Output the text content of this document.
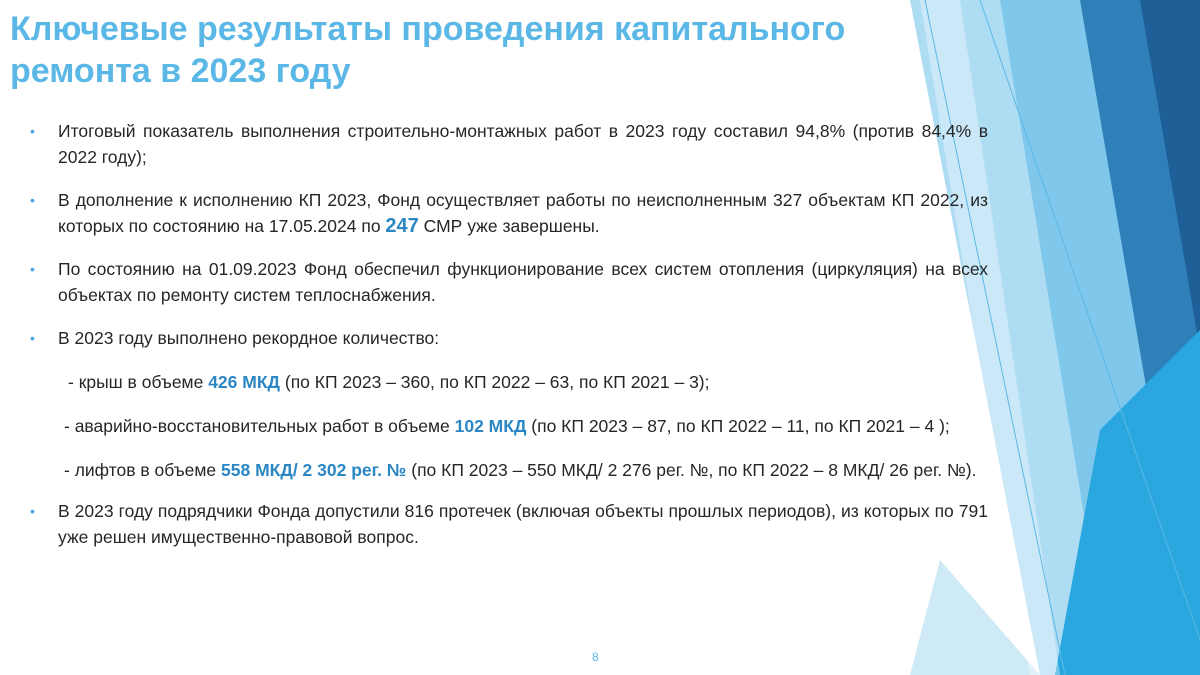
Ключевые результаты проведения капитального
ремонта в 2023 году
•	Итоговый показатель выполнения строительно-монтажных работ в 2023 году составил 94,8% (против 84,4% в 2022 году);
•	В дополнение к исполнению КП 2023, Фонд осуществляет работы по неисполненным 327 объектам КП 2022, из которых по состоянию на 17.05.2024 по 247 СМР уже завершены.
•	По состоянию на 01.09.2023 Фонд обеспечил функционирование всех систем отопления (циркуляция) на всех объектах по ремонту систем теплоснабжения.
•	В 2023 году выполнено рекордное количество:
- крыш в объеме 426 МКД (по КП 2023 – 360, по КП 2022 – 63, по КП 2021 – 3);
- аварийно-восстановительных работ в объеме 102 МКД (по КП 2023 – 87, по КП 2022 – 11, по КП 2021 – 4 );
- лифтов в объеме 558 МКД/ 2 302 рег. № (по КП 2023 – 550 МКД/ 2 276 рег. №, по КП 2022 – 8 МКД/ 26 рег. №).
•	В 2023 году подрядчики Фонда допустили 816 протечек (включая объекты прошлых периодов), из которых по 791 уже решен имущественно-правовой вопрос.
8
